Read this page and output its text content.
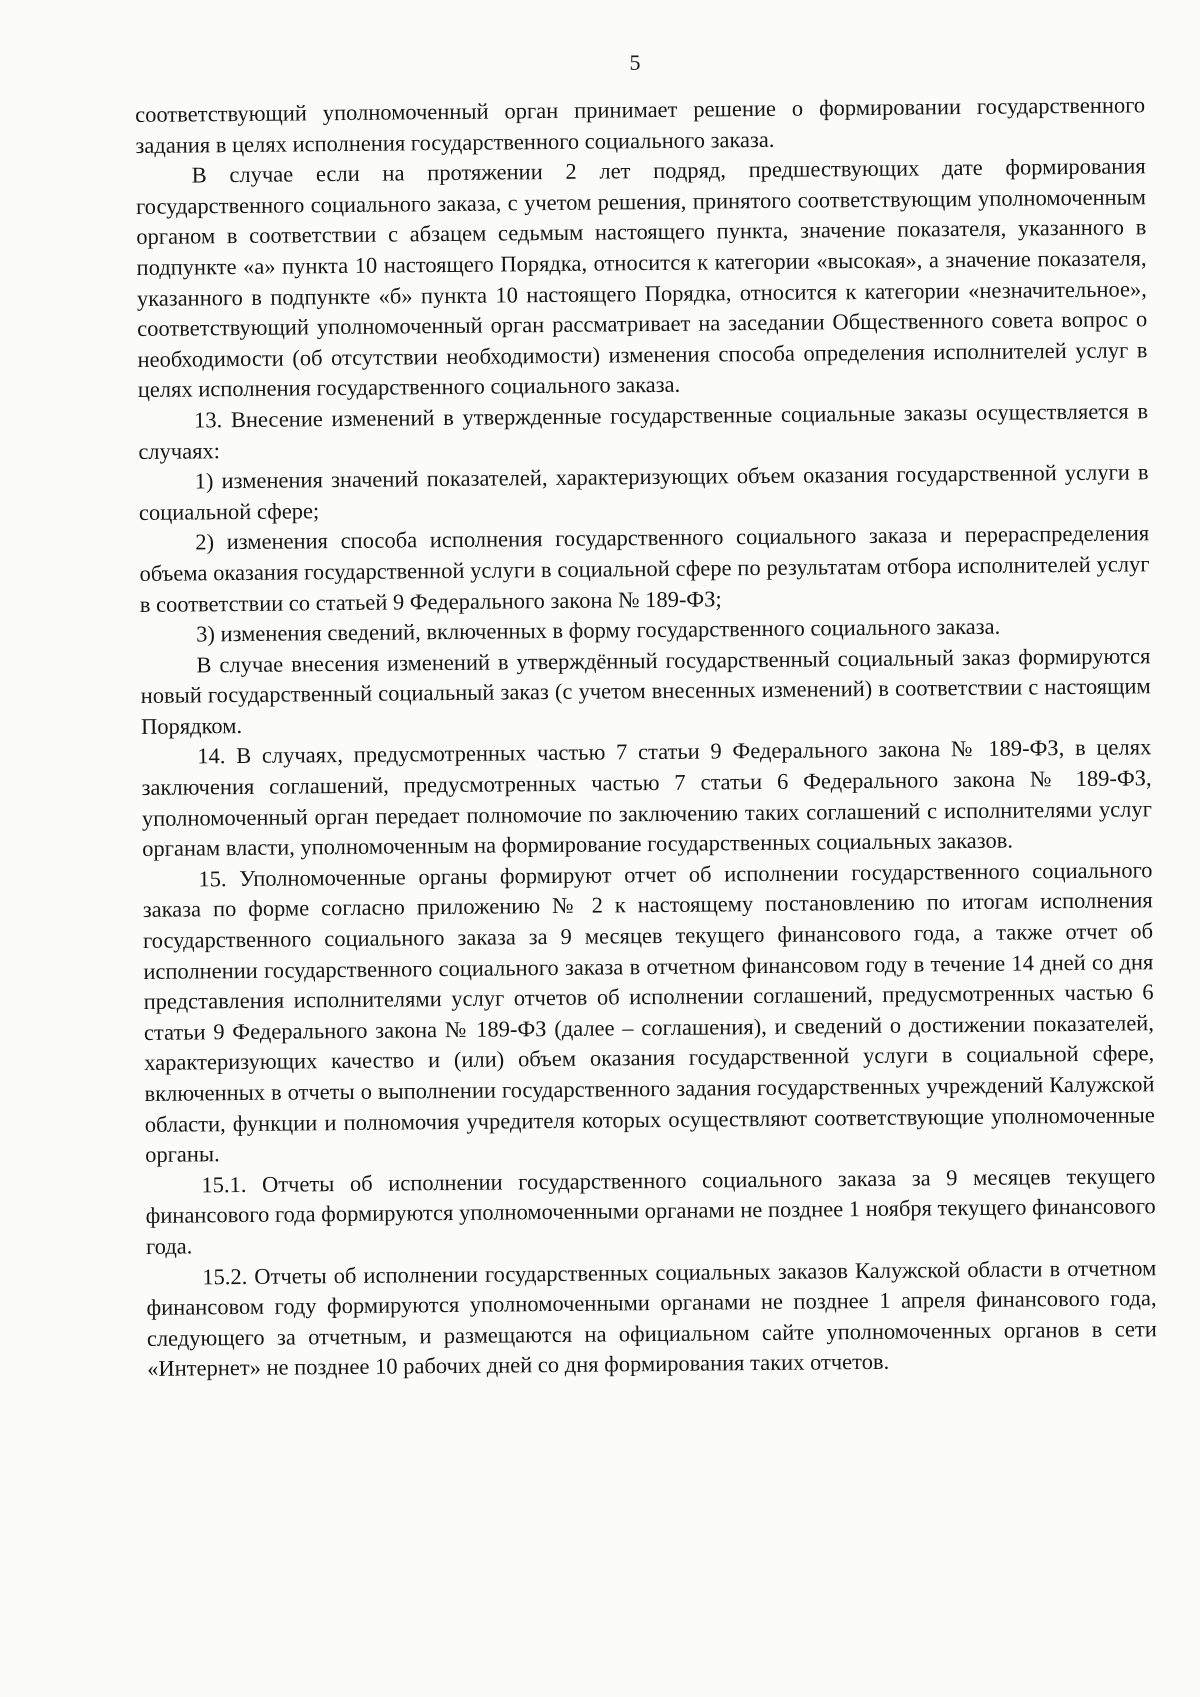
5

соответствующий уполномоченный орган принимает решение о формировании государственного задания в целях исполнения государственного социального заказа.

В случае если на протяжении 2 лет подряд, предшествующих дате формирования государственного социального заказа, с учетом решения, принятого соответствующим уполномоченным органом в соответствии с абзацем седьмым настоящего пункта, значение показателя, указанного в подпункте «а» пункта 10 настоящего Порядка, относится к категории «высокая», а значение показателя, указанного в подпункте «б» пункта 10 настоящего Порядка, относится к категории «незначительное», соответствующий уполномоченный орган рассматривает на заседании Общественного совета вопрос о необходимости (об отсутствии необходимости) изменения способа определения исполнителей услуг в целях исполнения государственного социального заказа.

13. Внесение изменений в утвержденные государственные социальные заказы осуществляется в случаях:

1) изменения значений показателей, характеризующих объем оказания государственной услуги в социальной сфере;

2) изменения способа исполнения государственного социального заказа и перераспределения объема оказания государственной услуги в социальной сфере по результатам отбора исполнителей услуг в соответствии со статьей 9 Федерального закона № 189-ФЗ;

3) изменения сведений, включенных в форму государственного социального заказа.

В случае внесения изменений в утверждённый государственный социальный заказ формируются новый государственный социальный заказ (с учетом внесенных изменений) в соответствии с настоящим Порядком.

14. В случаях, предусмотренных частью 7 статьи 9 Федерального закона № 189-ФЗ, в целях заключения соглашений, предусмотренных частью 7 статьи 6 Федерального закона № 189-ФЗ, уполномоченный орган передает полномочие по заключению таких соглашений с исполнителями услуг органам власти, уполномоченным на формирование государственных социальных заказов.

15. Уполномоченные органы формируют отчет об исполнении государственного социального заказа по форме согласно приложению № 2 к настоящему постановлению по итогам исполнения государственного социального заказа за 9 месяцев текущего финансового года, а также отчет об исполнении государственного социального заказа в отчетном финансовом году в течение 14 дней со дня представления исполнителями услуг отчетов об исполнении соглашений, предусмотренных частью 6 статьи 9 Федерального закона № 189-ФЗ (далее – соглашения), и сведений о достижении показателей, характеризующих качество и (или) объем оказания государственной услуги в социальной сфере, включенных в отчеты о выполнении государственного задания государственных учреждений Калужской области, функции и полномочия учредителя которых осуществляют соответствующие уполномоченные органы.

15.1. Отчеты об исполнении государственного социального заказа за 9 месяцев текущего финансового года формируются уполномоченными органами не позднее 1 ноября текущего финансового года.

15.2. Отчеты об исполнении государственных социальных заказов Калужской области в отчетном финансовом году формируются уполномоченными органами не позднее 1 апреля финансового года, следующего за отчетным, и размещаются на официальном сайте уполномоченных органов в сети «Интернет» не позднее 10 рабочих дней со дня формирования таких отчетов.
